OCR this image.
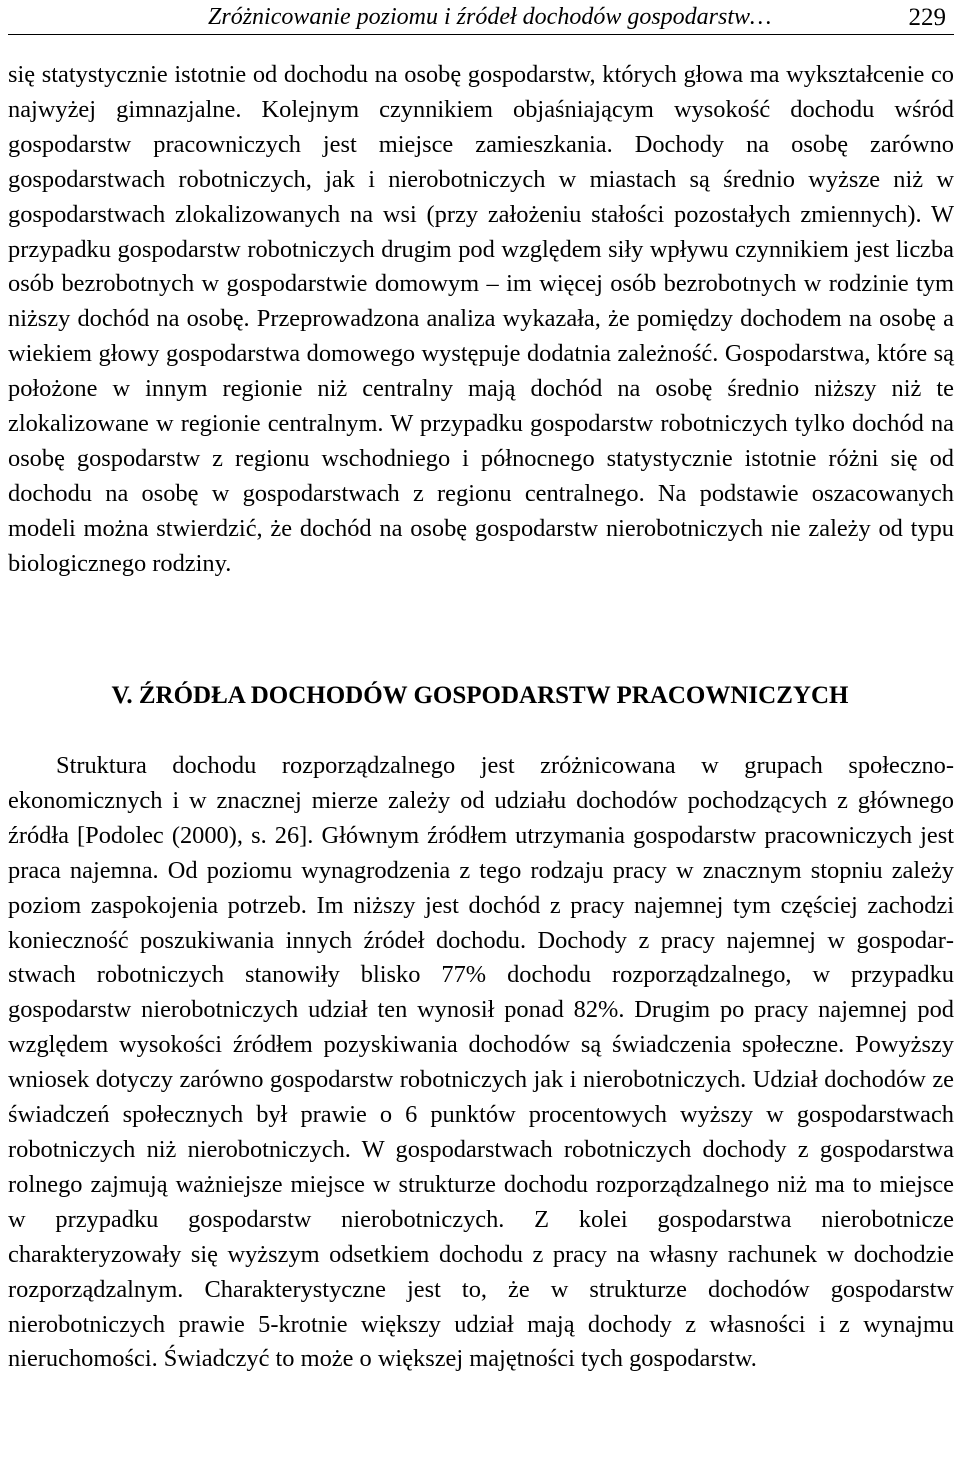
Zróżnicowanie poziomu i źródeł dochodów gospodarstw…	229

się statystycznie istotnie od dochodu na osobę gospodarstw, których głowa ma wykształcenie co najwyżej gimnazjalne. Kolejnym czynnikiem objaśniającym wysokość dochodu wśród gospodarstw pracowniczych jest miejsce zamieszkania. Dochody na osobę zarówno gospodarstwach robotniczych, jak i nierobotniczych w miastach są średnio wyższe niż w gospodarstwach zlokalizowanych na wsi (przy założeniu stałości pozostałych zmiennych). W przypadku gospodarstw robotniczych drugim pod względem siły wpływu czynnikiem jest liczba osób bezrobotnych w gospodarstwie domowym – im więcej osób bezrobotnych w rodzinie tym niższy dochód na osobę. Przeprowadzona analiza wykazała, że pomiędzy dochodem na osobę a wiekiem głowy gospodarstwa domowego występuje dodatnia zależność. Gospodarstwa, które są położone w innym regionie niż centralny mają dochód na osobę średnio niższy niż te zlokalizowane w regionie centralnym. W przypadku gospodarstw robotniczych tylko dochód na osobę gospodarstw z regionu wschodniego i północnego statystycznie istotnie różni się od dochodu na osobę w gospodarstwach z regionu centralnego. Na podstawie oszacowanych modeli można stwierdzić, że dochód na osobę gospodarstw nierobotniczych nie zależy od typu biologicznego rodziny.

V. ŹRÓDŁA DOCHODÓW GOSPODARSTW PRACOWNICZYCH

Struktura dochodu rozporządzalnego jest zróżnicowana w grupach społeczno-ekonomicznych i w znacznej mierze zależy od udziału dochodów pochodzących z głównego źródła [Podolec (2000), s. 26]. Głównym źródłem utrzymania gospodarstw pracowniczych jest praca najemna. Od poziomu wynagrodzenia z tego rodzaju pracy w znacznym stopniu zależy poziom zaspokojenia potrzeb. Im niższy jest dochód z pracy najemnej tym częściej zachodzi konieczność poszukiwania innych źródeł dochodu. Dochody z pracy najemnej w gospodarstwach robotniczych stanowiły blisko 77% dochodu rozporządzalnego, w przypadku gospodarstw nierobotniczych udział ten wynosił ponad 82%. Drugim po pracy najemnej pod względem wysokości źródłem pozyskiwania dochodów są świadczenia społeczne. Powyższy wniosek dotyczy zarówno gospodarstw robotniczych jak i nierobotniczych. Udział dochodów ze świadczeń społecznych był prawie o 6 punktów procentowych wyższy w gospodarstwach robotniczych niż nierobotniczych. W gospodarstwach robotniczych dochody z gospodarstwa rolnego zajmują ważniejsze miejsce w strukturze dochodu rozporządzalnego niż ma to miejsce w przypadku gospodarstw nierobotniczych. Z kolei gospodarstwa nierobotnicze charakteryzowały się wyższym odsetkiem dochodu z pracy na własny rachunek w dochodzie rozporządzalnym. Charakterystyczne jest to, że w strukturze dochodów gospodarstw nierobotniczych prawie 5-krotnie większy udział mają dochody z własności i z wynajmu nieruchomości. Świadczyć to może o większej majętności tych gospodarstw.
